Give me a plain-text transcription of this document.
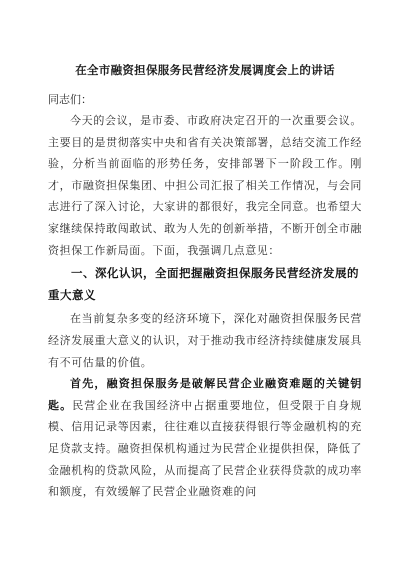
在全市融资担保服务民营经济发展调度会上的讲话

同志们：

今天的会议，是市委、市政府决定召开的一次重要会议。主要目的是贯彻落实中央和省有关决策部署，总结交流工作经验，分析当前面临的形势任务，安排部署下一阶段工作。刚才，市融资担保集团、中担公司汇报了相关工作情况，与会同志进行了深入讨论，大家讲的都很好，我完全同意。也希望大家继续保持敢闯敢试、敢为人先的创新举措，不断开创全市融资担保工作新局面。下面，我强调几点意见：

一、深化认识，全面把握融资担保服务民营经济发展的重大意义

在当前复杂多变的经济环境下，深化对融资担保服务民营经济发展重大意义的认识，对于推动我市经济持续健康发展具有不可估量的价值。

首先，融资担保服务是破解民营企业融资难题的关键钥匙。民营企业在我国经济中占据重要地位，但受限于自身规模、信用记录等因素，往往难以直接获得银行等金融机构的充足贷款支持。融资担保机构通过为民营企业提供担保，降低了金融机构的贷款风险，从而提高了民营企业获得贷款的成功率和额度，有效缓解了民营企业融资难的问
